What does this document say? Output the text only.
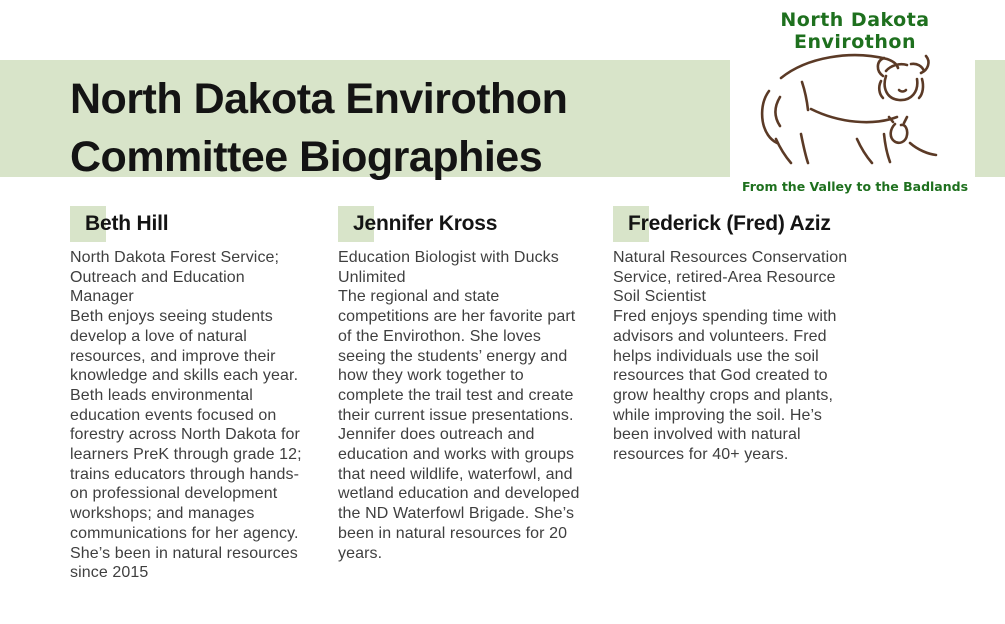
North Dakota Envirothon
From the Valley to the Badlands
North Dakota Envirothon
Committee Biographies
Beth Hill
North Dakota Forest Service; Outreach and Education Manager
Beth enjoys seeing students develop a love of natural resources, and improve their knowledge and skills each year. Beth leads environmental education events focused on forestry across North Dakota for learners PreK through grade 12; trains educators through hands-on professional development workshops; and manages communications for her agency. She’s been in natural resources since 2015
Jennifer Kross
Education Biologist with Ducks Unlimited
The regional and state competitions are her favorite part of the Envirothon. She loves seeing the students’ energy and how they work together to complete the trail test and create their current issue presentations. Jennifer does outreach and education and works with groups that need wildlife, waterfowl, and wetland education and developed the ND Waterfowl Brigade. She’s been in natural resources for 20 years.
Frederick (Fred) Aziz
Natural Resources Conservation Service, retired-Area Resource Soil Scientist
Fred enjoys spending time with advisors and volunteers. Fred helps individuals use the soil resources that God created to grow healthy crops and plants, while improving the soil. He’s been involved with natural resources for 40+ years.
